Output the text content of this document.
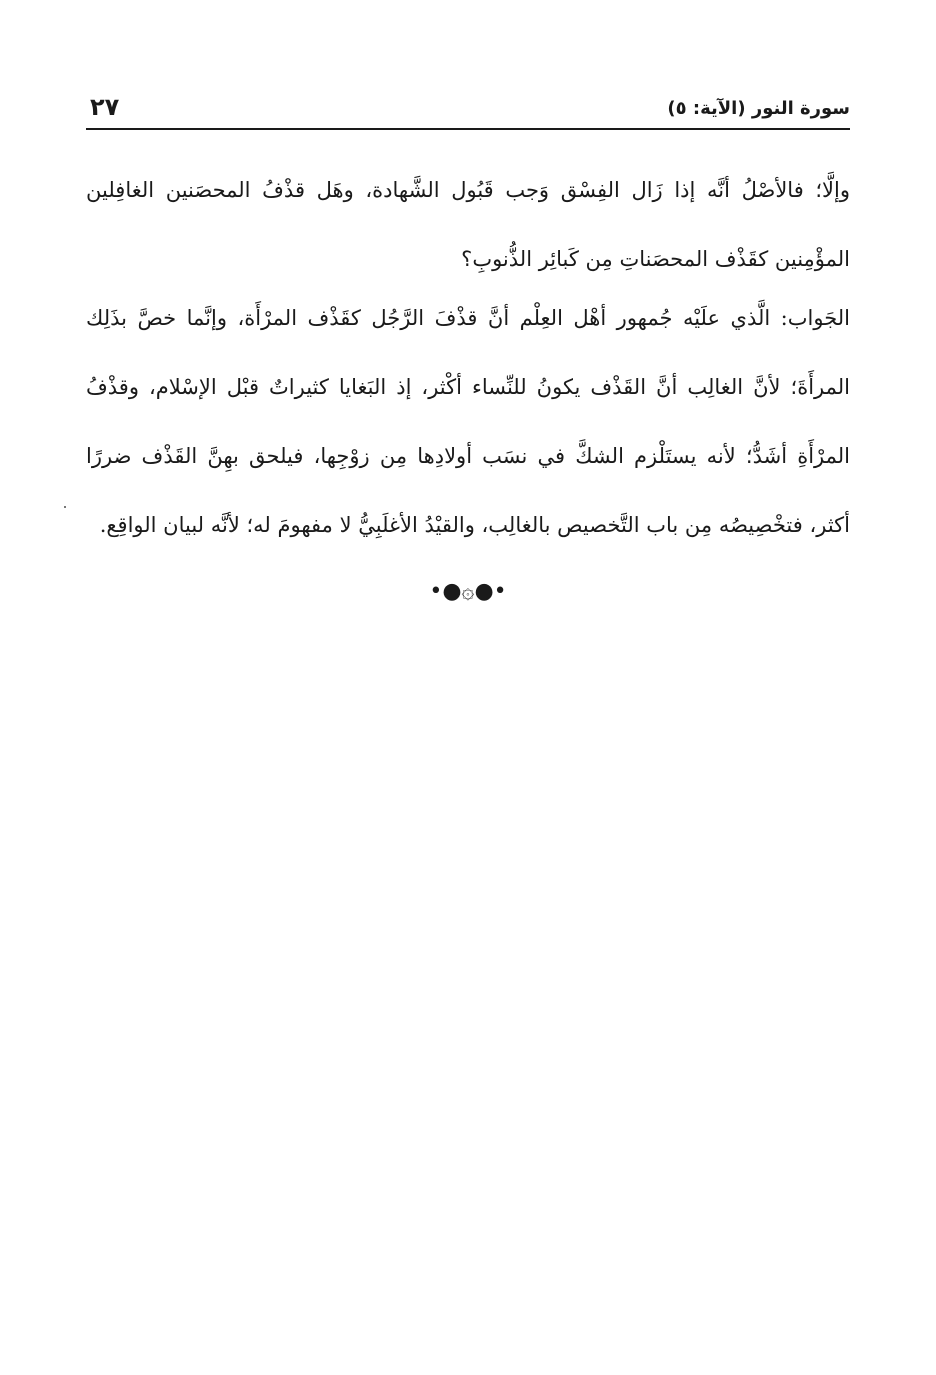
٢٧	سورة النور (الآية: ٥)
وإلَّا؛ فالأصْلُ أنَّه إذا زَال الفِسْق وَجب قَبُول الشَّهادة، وهَل قذْفُ المحصَنين الغافِلين المؤْمِنين كقَذْف المحصَناتِ مِن كَبائِر الذُّنوبِ؟
الجَواب: الَّذي علَيْه جُمهور أهْل العِلْم أنَّ قذْفَ الرَّجُل كقَذْف المرْأَة، وإنَّما خصَّ بذَلِك المرأَةَ؛ لأنَّ الغالِب أنَّ القَذْف يكونُ للنِّساء أكْثر، إذ البَغايا كثيراتٌ قبْل الإسْلام، وقذْفُ المرْأَةِ أشَدُّ؛ لأنه يستَلْزم الشكَّ في نسَب أولادِها مِن زوْجِها، فيلحق بهِنَّ القَذْف ضررًا أكثر، فتخْصِيصُه مِن باب التَّخصيص بالغالِب، والقيْدُ الأغلَبِيُّ لا مفهومَ له؛ لأنَّه لبيان الواقِع.
•●۞●•
